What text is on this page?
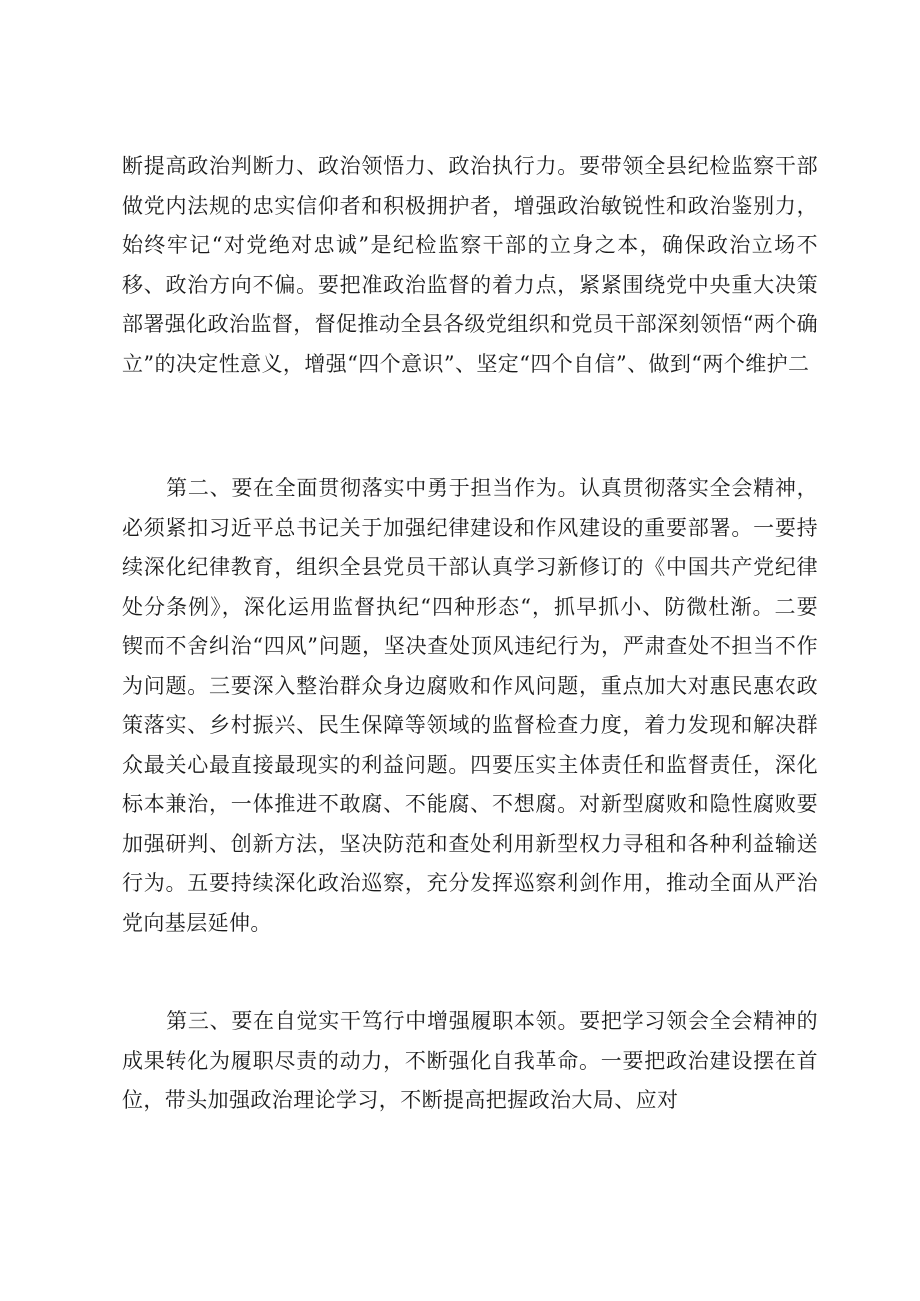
断提高政治判断力、政治领悟力、政治执行力。要带领全县纪检监察干部做党内法规的忠实信仰者和积极拥护者，增强政治敏锐性和政治鉴别力，始终牢记“对党绝对忠诚”是纪检监察干部的立身之本，确保政治立场不移、政治方向不偏。要把准政治监督的着力点，紧紧围绕党中央重大决策部署强化政治监督，督促推动全县各级党组织和党员干部深刻领悟“两个确立”的决定性意义，增强“四个意识”、坚定“四个自信”、做到“两个维护二

第二、要在全面贯彻落实中勇于担当作为。认真贯彻落实全会精神，必须紧扣习近平总书记关于加强纪律建设和作风建设的重要部署。一要持续深化纪律教育，组织全县党员干部认真学习新修订的《中国共产党纪律处分条例》，深化运用监督执纪“四种形态“，抓早抓小、防微杜渐。二要锲而不舍纠治“四风”问题，坚决查处顶风违纪行为，严肃查处不担当不作为问题。三要深入整治群众身边腐败和作风问题，重点加大对惠民惠农政策落实、乡村振兴、民生保障等领域的监督检查力度，着力发现和解决群众最关心最直接最现实的利益问题。四要压实主体责任和监督责任，深化标本兼治，一体推进不敢腐、不能腐、不想腐。对新型腐败和隐性腐败要加强研判、创新方法，坚决防范和查处利用新型权力寻租和各种利益输送行为。五要持续深化政治巡察，充分发挥巡察利剑作用，推动全面从严治党向基层延伸。

第三、要在自觉实干笃行中增强履职本领。要把学习领会全会精神的成果转化为履职尽责的动力，不断强化自我革命。一要把政治建设摆在首位，带头加强政治理论学习，不断提高把握政治大局、应对
